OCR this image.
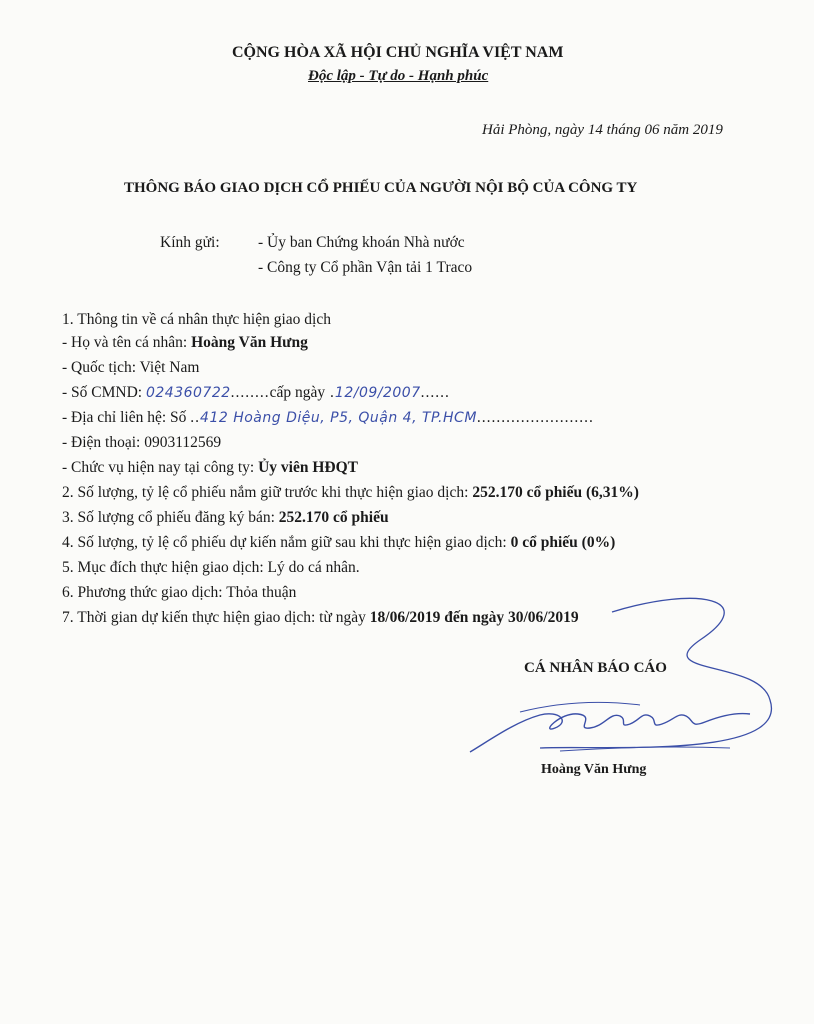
CỘNG HÒA XÃ HỘI CHỦ NGHĨA VIỆT NAM
Độc lập - Tự do - Hạnh phúc
Hải Phòng, ngày 14 tháng 06 năm 2019
THÔNG BÁO GIAO DỊCH CỔ PHIẾU CỦA NGƯỜI NỘI BỘ CỦA CÔNG TY
Kính gửi: - Ủy ban Chứng khoán Nhà nước
- Công ty Cổ phần Vận tải 1 Traco
1. Thông tin về cá nhân thực hiện giao dịch
- Họ và tên cá nhân: Hoàng Văn Hưng
- Quốc tịch: Việt Nam
- Số CMND: 024360722........cấp ngày .12/09/2007......
- Địa chỉ liên hệ: Số ..412 Hoàng Diệu, P5, Quận 4, TP.HCM........................
- Điện thoại: 0903112569
- Chức vụ hiện nay tại công ty: Ủy viên HĐQT
2. Số lượng, tỷ lệ cổ phiếu nắm giữ trước khi thực hiện giao dịch: 252.170 cổ phiếu (6,31%)
3. Số lượng cổ phiếu đăng ký bán: 252.170 cổ phiếu
4. Số lượng, tỷ lệ cổ phiếu dự kiến nắm giữ sau khi thực hiện giao dịch: 0 cổ phiếu (0%)
5. Mục đích thực hiện giao dịch: Lý do cá nhân.
6. Phương thức giao dịch: Thỏa thuận
7. Thời gian dự kiến thực hiện giao dịch: từ ngày 18/06/2019 đến ngày 30/06/2019
CÁ NHÂN BÁO CÁO
Hoàng Văn Hưng
